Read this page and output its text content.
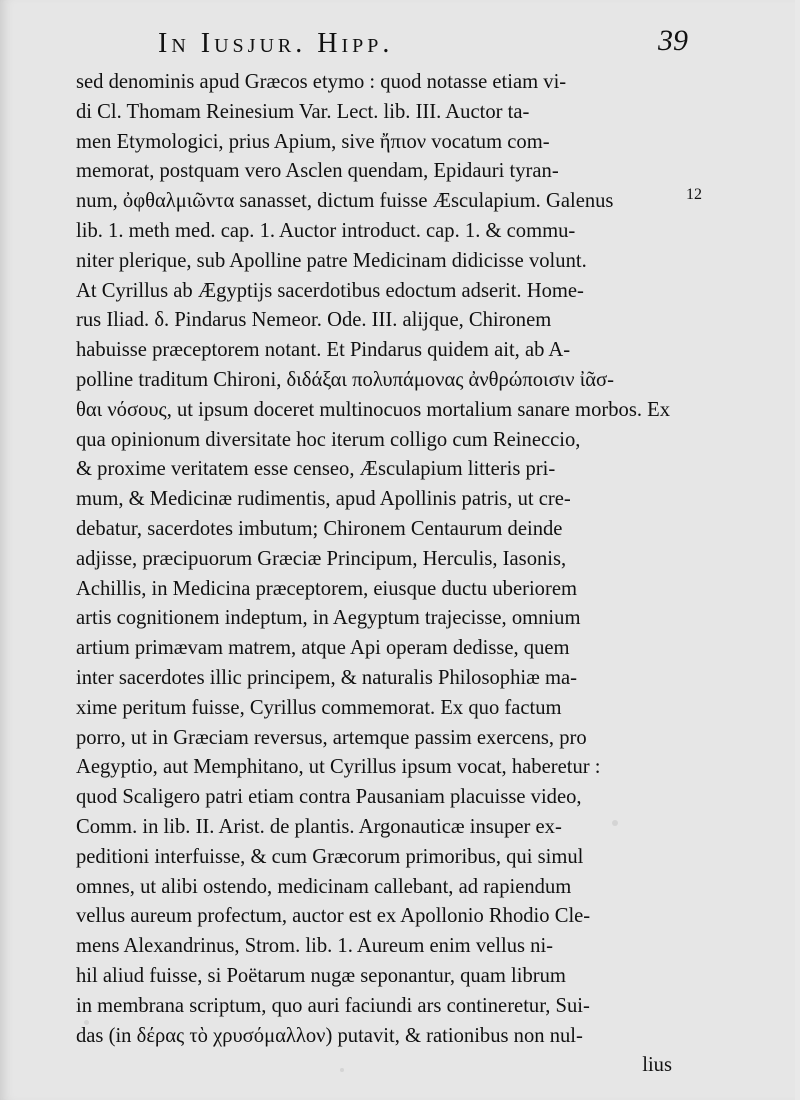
In Iusjur. Hipp.	39
12
sed denominis apud Græcos etymo : quod notasse etiam vi-
di Cl. Thomam Reinesium Var. Lect. lib. III. Auctor ta-
men Etymologici, prius Apium, sive ἤπιον vocatum com-
memorat, postquam vero Asclen quendam, Epidauri tyran-
num, ὀφθαλμιῶντα sanasset, dictum fuisse Æsculapium. Galenus
lib. 1. meth med. cap. 1. Auctor introduct. cap. 1. & commu-
niter plerique, sub Apolline patre Medicinam didicisse volunt.
At Cyrillus ab Ægyptijs sacerdotibus edoctum adserit. Home-
rus Iliad. δ. Pindarus Nemeor. Ode. III. alijque, Chironem
habuisse præceptorem notant. Et Pindarus quidem ait, ab A-
polline traditum Chironi, διδάξαι πολυπάμονας ἀνθρώποισιν ἰᾶσ-
θαι νόσους, ut ipsum doceret multinocuos mortalium sanare morbos. Ex
qua opinionum diversitate hoc iterum colligo cum Reineccio,
& proxime veritatem esse censeo, Æsculapium litteris pri-
mum, & Medicinæ rudimentis, apud Apollinis patris, ut cre-
debatur, sacerdotes imbutum; Chironem Centaurum deinde
adjisse, præcipuorum Græciæ Principum, Herculis, Iasonis,
Achillis, in Medicina præceptorem, eiusque ductu uberiorem
artis cognitionem indeptum, in Aegyptum trajecisse, omnium
artium primævam matrem, atque Api operam dedisse, quem
inter sacerdotes illic principem, & naturalis Philosophiæ ma-
xime peritum fuisse, Cyrillus commemorat. Ex quo factum
porro, ut in Græciam reversus, artemque passim exercens, pro
Aegyptio, aut Memphitano, ut Cyrillus ipsum vocat, haberetur :
quod Scaligero patri etiam contra Pausaniam placuisse video,
Comm. in lib. II. Arist. de plantis. Argonauticæ insuper ex-
peditioni interfuisse, & cum Græcorum primoribus, qui simul
omnes, ut alibi ostendo, medicinam callebant, ad rapiendum
vellus aureum profectum, auctor est ex Apollonio Rhodio Cle-
mens Alexandrinus, Strom. lib. 1. Aureum enim vellus ni-
hil aliud fuisse, si Poëtarum nugæ seponantur, quam librum
in membrana scriptum, quo auri faciundi ars contineretur, Sui-
das (in δέρας τὸ χρυσόμαλλον) putavit, & rationibus non nul-
lius
